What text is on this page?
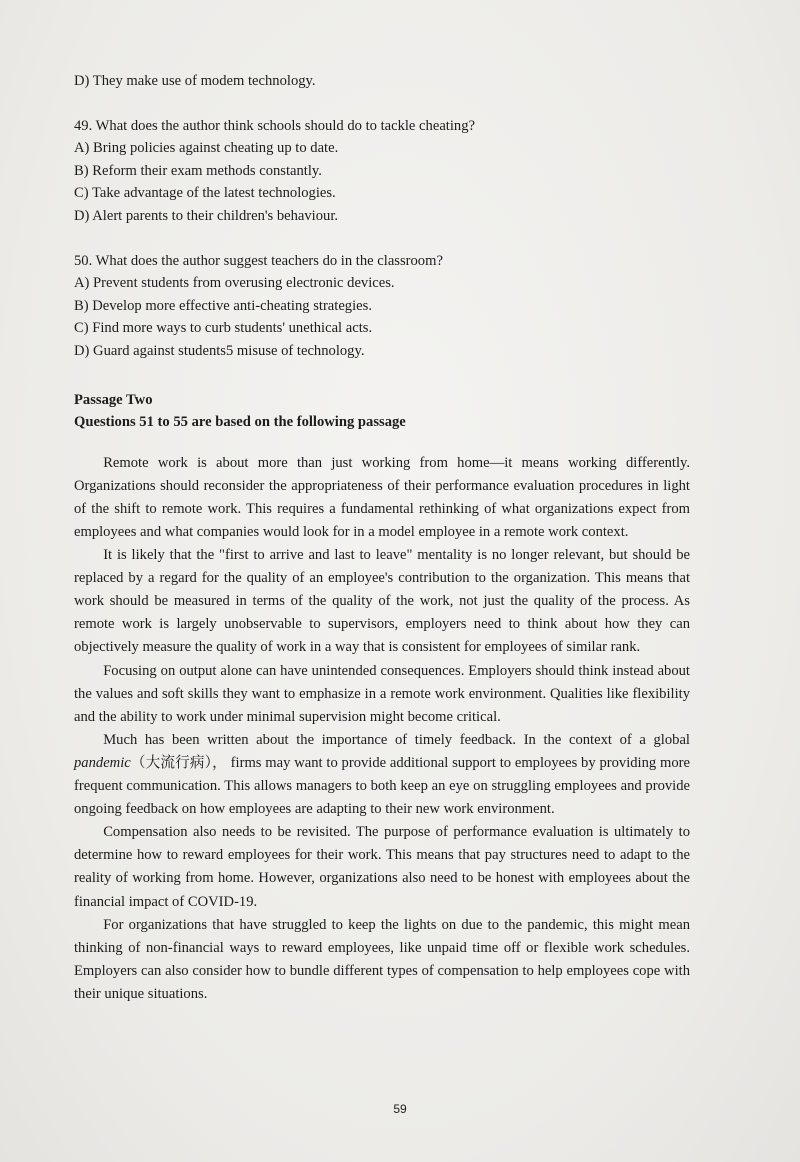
D) They make use of modem technology.

49. What does the author think schools should do to tackle cheating?

A) Bring policies against cheating up to date.

B) Reform their exam methods constantly.

C) Take advantage of the latest technologies.

D) Alert parents to their children's behaviour.

50. What does the author suggest teachers do in the classroom?

A) Prevent students from overusing electronic devices.

B) Develop more effective anti-cheating strategies.

C) Find more ways to curb students' unethical acts.

D) Guard against students5 misuse of technology.

Passage Two

Questions 51 to 55 are based on the following passage

Remote work is about more than just working from home—it means working differently. Organizations should reconsider the appropriateness of their performance evaluation procedures in light of the shift to remote work. This requires a fundamental rethinking of what organizations expect from employees and what companies would look for in a model employee in a remote work context.

It is likely that the "first to arrive and last to leave" mentality is no longer relevant, but should be replaced by a regard for the quality of an employee's contribution to the organization. This means that work should be measured in terms of the quality of the work, not just the quality of the process. As remote work is largely unobservable to supervisors, employers need to think about how they can objectively measure the quality of work in a way that is consistent for employees of similar rank.

Focusing on output alone can have unintended consequences. Employers should think instead about the values and soft skills they want to emphasize in a remote work environment. Qualities like flexibility and the ability to work under minimal supervision might become critical.

Much has been written about the importance of timely feedback. In the context of a global pandemic（大流行病）， firms may want to provide additional support to employees by providing more frequent communication. This allows managers to both keep an eye on struggling employees and provide ongoing feedback on how employees are adapting to their new work environment.

Compensation also needs to be revisited. The purpose of performance evaluation is ultimately to determine how to reward employees for their work. This means that pay structures need to adapt to the reality of working from home. However, organizations also need to be honest with employees about the financial impact of COVID-19.

For organizations that have struggled to keep the lights on due to the pandemic, this might mean thinking of non-financial ways to reward employees, like unpaid time off or flexible work schedules. Employers can also consider how to bundle different types of compensation to help employees cope with their unique situations.

59
